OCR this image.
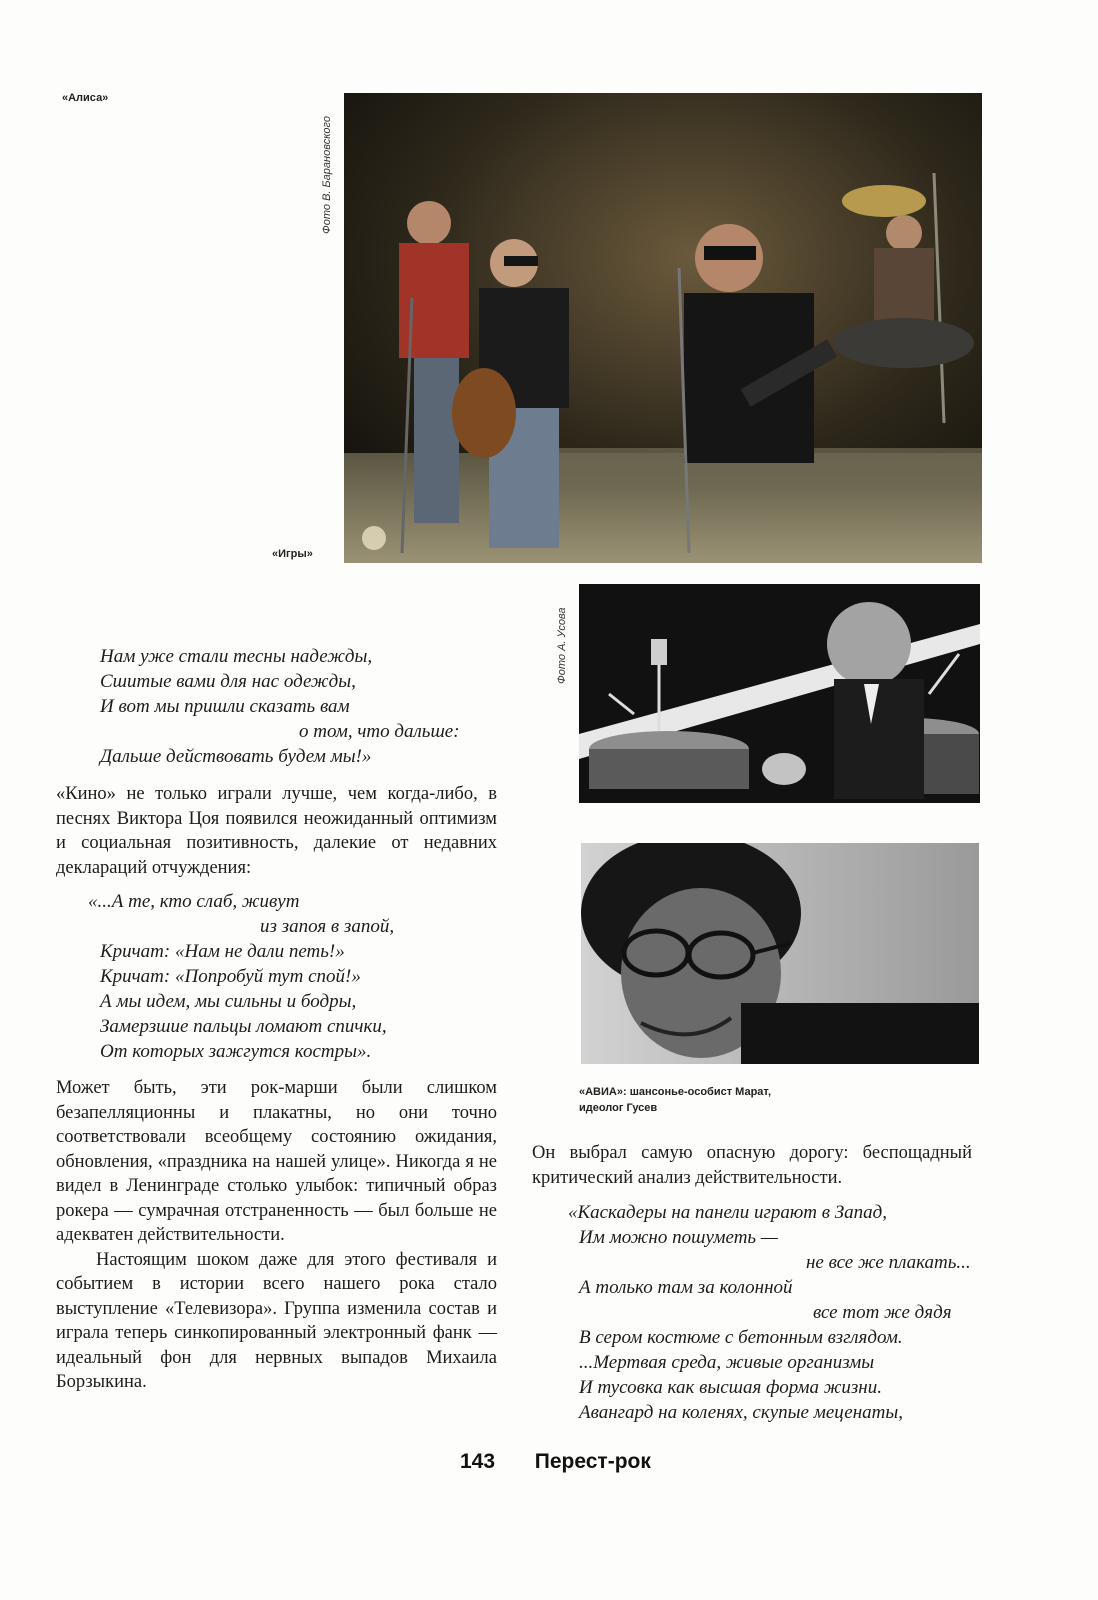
«Алиса»
Фото В. Барановского
«Игры»
Фото А. Усова
«АВИА»: шансонье-особист Марат,
идеолог Гусев
Нам уже стали тесны надежды,
Сшитые вами для нас одежды,
И вот мы пришли сказать вам
о том, что дальше:
Дальше действовать будем мы!»

«Кино» не только играли лучше, чем когда-либо, в песнях Виктора Цоя появился неожиданный оптимизм и социальная позитивность, далекие от недавних деклараций отчуждения:

«...А те, кто слаб, живут
из запоя в запой,
Кричат: «Нам не дали петь!»
Кричат: «Попробуй тут спой!»
А мы идем, мы сильны и бодры,
Замерзшие пальцы ломают спички,
От которых зажгутся костры».

Может быть, эти рок-марши были слишком безапелляционны и плакатны, но они точно соответствовали всеобщему состоянию ожидания, обновления, «праздника на нашей улице». Никогда я не видел в Ленинграде столько улыбок: типичный образ рокера — сумрачная отстраненность — был больше не адекватен действительности.

Настоящим шоком даже для этого фестиваля и событием в истории всего нашего рока стало выступление «Телевизора». Группа изменила состав и играла теперь синкопированный электронный фанк — идеальный фон для нервных выпадов Михаила Борзыкина.

Он выбрал самую опасную дорогу: беспощадный критический анализ действительности.

«Каскадеры на панели играют в Запад,
Им можно пошуметь —
не все же плакать...
А только там за колонной
все тот же дядя
В сером костюме с бетонным взглядом.
...Мертвая среда, живые организмы
И тусовка как высшая форма жизни.
Авангард на коленях, скупые меценаты,
143 Перест-рок
